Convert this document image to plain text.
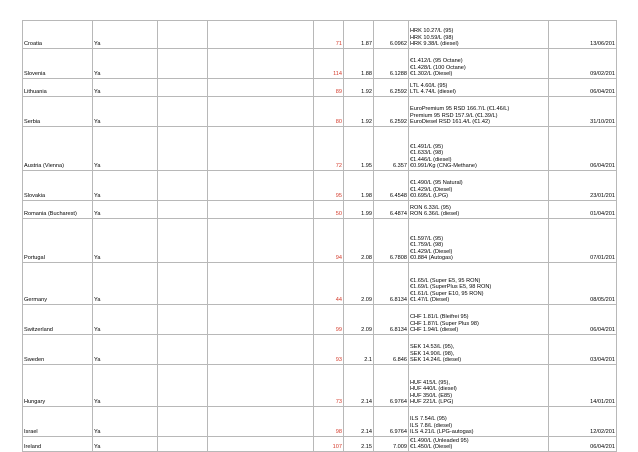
Croatia	Ya			71	1.87	6.0962	HRK 10.27/L (95)
HRK 10.59/L (98)
HRK 9.38/L (diesel)	13/06/201
Slovenia	Ya			114	1.88	6.1288	€1.412/L (95 Octane)
€1.428/L (100 Octane)
€1.302/L (Diesel)	09/02/201
Lithuania	Ya			89	1.92	6.2592	LTL 4.60/L (95)
LTL 4.74/L (diesel)	06/04/201
Serbia	Ya			80	1.92	6.2592	EuroPremium 95 RSD 166.7/L (€1.46/L)
Premium 95 RSD 157.9/L (€1.39/L)
EuroDiesel RSD 161.4/L (€1.42)	31/10/201
Austria (Vienna)	Ya			72	1.95	6.357	€1.491/L (95)
€1.633/L (98)
€1.446/L (diesel)
€0.991/Kg (CNG-Methane)	06/04/201
Slovakia	Ya			95	1.98	6.4548	€1.490/L (95 Natural)
€1.429/L (Diesel)
€0.695/L (LPG)	23/01/201
Romania (Bucharest)	Ya			50	1.99	6.4874	RON 6.33/L (95)
RON 6.36/L (diesel)	01/04/201
Portugal	Ya			94	2.08	6.7808	€1.597/L (95)
€1.759/L (98)
€1.429/L (Diesel)
€0.884 (Autogas)	07/01/201
Germany	Ya			44	2.09	6.8134	€1.65/L (Super E5, 95 RON)
€1.69/L (SuperPlus E5, 98 RON)
€1.61/L (Super E10, 95 RON)
€1.47/L (Diesel)	08/05/201
Switzerland	Ya			99	2.09	6.8134	CHF 1.81/L (Bleifrei 95)
CHF 1.87/L (Super Plus 98)
CHF 1.94/L (diesel)	06/04/201
Sweden	Ya			93	2.1	6.846	SEK 14.53/L (95),
SEK 14.90/L (98),
SEK 14.24/L (diesel)	03/04/201
Hungary	Ya			73	2.14	6.9764	HUF 415/L (95),
HUF 440/L (diesel)
HUF 350/L (E85)
HUF 221/L (LPG)	14/01/201
Israel	Ya			98	2.14	6.9764	ILS 7.54/L (95)
ILS 7.8/L (diesel)
ILS 4.21/L (LPG-autogas)	12/02/201
Ireland	Ya			107	2.15	7.009	€1.490/L (Unleaded 95)
€1.450/L (Diesel)	06/04/201
